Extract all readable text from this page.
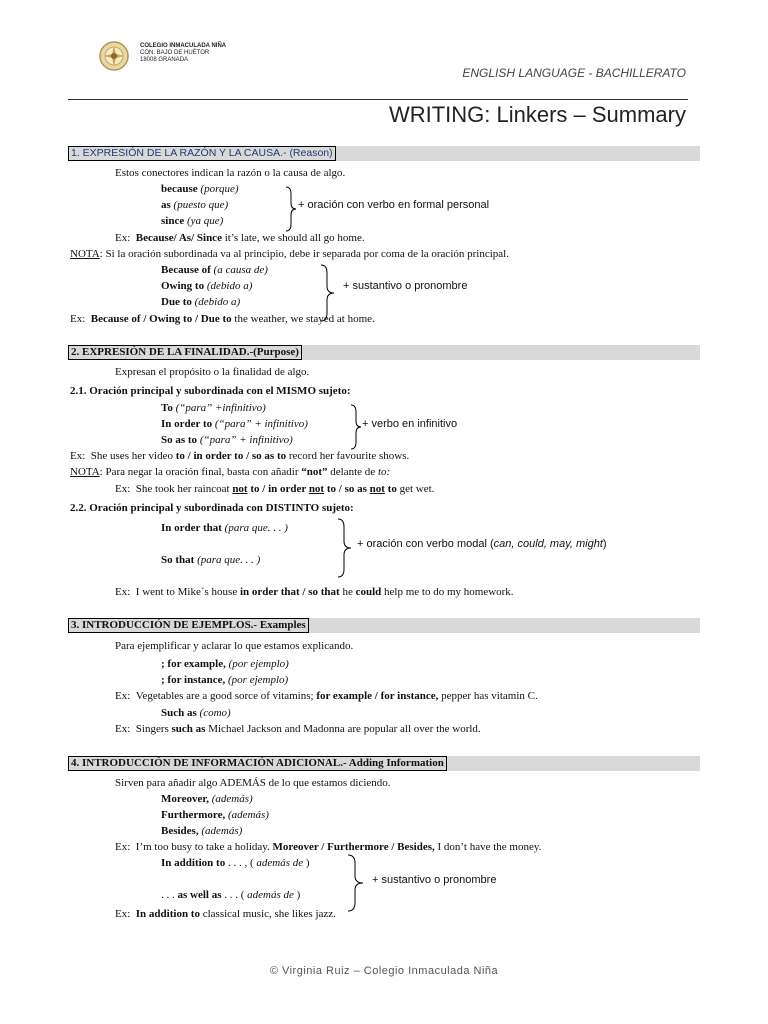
COLEGIO INMACULADA NIÑA
CON. BAJO DE HUÉTOR
18008 GRANADA
ENGLISH LANGUAGE - BACHILLERATO
WRITING: Linkers – Summary
1. EXPRESIÓN DE LA RAZÓN Y LA CAUSA.- (Reason)
Estos conectores indican la razón o la causa de algo.
because (porque)
as (puesto que)
since (ya que)
+ oración con verbo en formal personal
Ex: Because/ As/ Since it’s late, we should all go home.
NOTA: Si la oración subordinada va al principio, debe ir separada por coma de la oración principal.
Because of (a causa de)
Owing to (debido a)
Due to (debido a)
+ sustantivo o pronombre
Ex: Because of / Owing to / Due to the weather, we stayed at home.
2. EXPRESIÓN DE LA FINALIDAD.-(Purpose)
Expresan el propósito o la finalidad de algo.
2.1. Oración principal y subordinada con el MISMO sujeto:
To (“para” +infinitivo)
In order to (“para” + infinitivo)
So as to (“para” + infinitivo)
+ verbo en infinitivo
Ex: She uses her video to / in order to / so as to record her favourite shows.
NOTA: Para negar la oración final, basta con añadir “not” delante de to:
Ex: She took her raincoat not to / in order not to / so as not to get wet.
2.2. Oración principal y subordinada con DISTINTO sujeto:
In order that (para que. . . )
So that (para que. . . )
+ oración con verbo modal (can, could, may, might)
Ex: I went to Mike´s house in order that / so that he could help me to do my homework.
3. INTRODUCCIÓN DE EJEMPLOS.- Examples
Para ejemplificar y aclarar lo que estamos explicando.
; for example, (por ejemplo)
; for instance, (por ejemplo)
Ex: Vegetables are a good sorce of vitamins; for example / for instance, pepper has vitamin C.
Such as (como)
Ex: Singers such as Michael Jackson and Madonna are popular all over the world.
4. INTRODUCCIÓN DE INFORMACIÓN ADICIONAL.- Adding Information
Sirven para añadir algo ADEMÁS de lo que estamos diciendo.
Moreover, (además)
Furthermore, (además)
Besides, (además)
Ex: I’m too busy to take a holiday. Moreover / Furthermore / Besides, I don’t have the money.
In addition to . . . , ( además de )
. . . as well as . . . ( además de )
+ sustantivo o pronombre
Ex: In addition to classical music, she likes jazz.
© Virginia Ruiz – Colegio Inmaculada Niña
